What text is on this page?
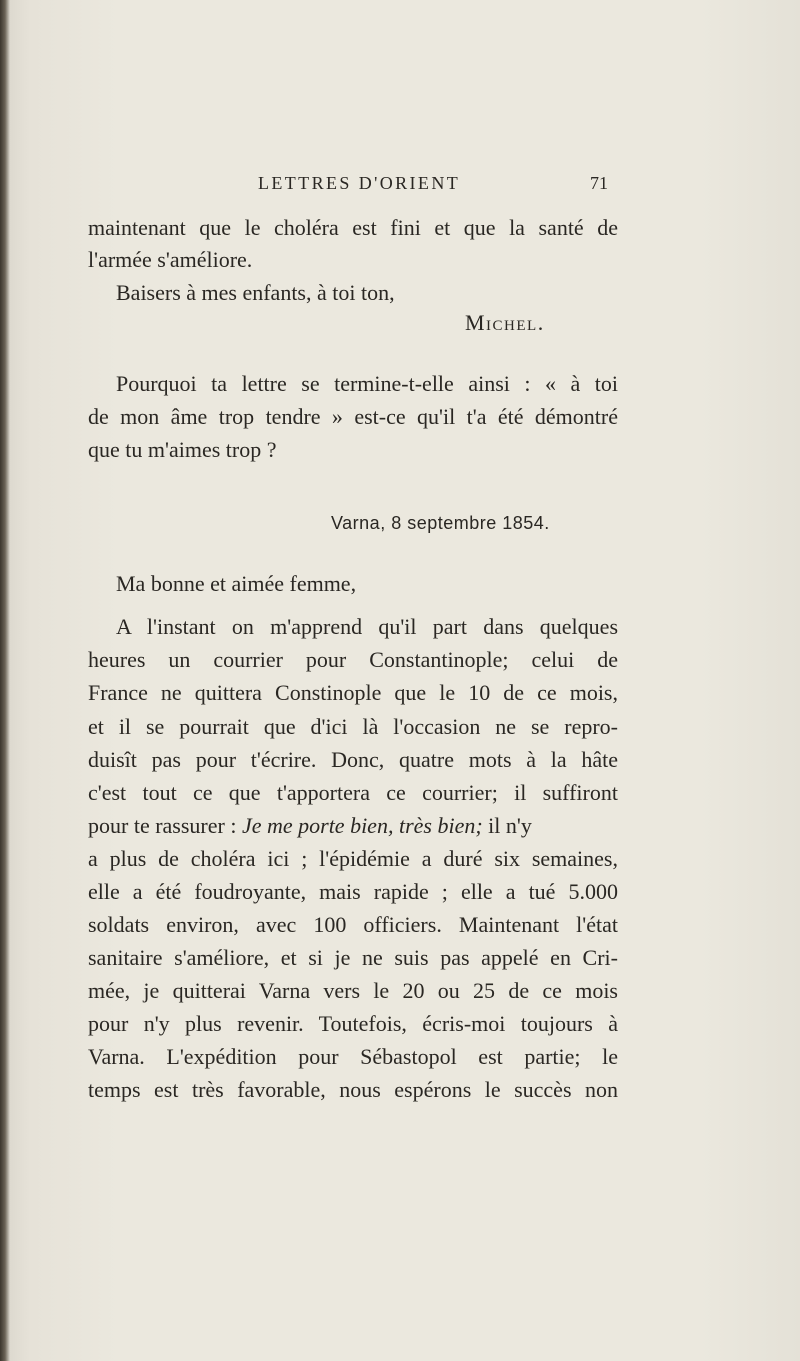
LETTRES D'ORIENT	71
maintenant que le choléra est fini et que la santé de
l'armée s'améliore.
Baisers à mes enfants, à toi ton,
Michel.
Pourquoi ta lettre se termine-t-elle ainsi : « à toi
de mon âme trop tendre » est-ce qu'il t'a été démontré
que tu m'aimes trop ?
Varna, 8 septembre 1854.
Ma bonne et aimée femme,
A l'instant on m'apprend qu'il part dans quelques
heures un courrier pour Constantinople; celui de
France ne quittera Constinople que le 10 de ce mois,
et il se pourrait que d'ici là l'occasion ne se repro-
duisît pas pour t'écrire. Donc, quatre mots à la hâte
c'est tout ce que t'apportera ce courrier; il suffiront
pour te rassurer : Je me porte bien, très bien; il n'y
a plus de choléra ici ; l'épidémie a duré six semaines,
elle a été foudroyante, mais rapide ; elle a tué 5.000
soldats environ, avec 100 officiers. Maintenant l'état
sanitaire s'améliore, et si je ne suis pas appelé en Cri-
mée, je quitterai Varna vers le 20 ou 25 de ce mois
pour n'y plus revenir. Toutefois, écris-moi toujours à
Varna. L'expédition pour Sébastopol est partie; le
temps est très favorable, nous espérons le succès non
